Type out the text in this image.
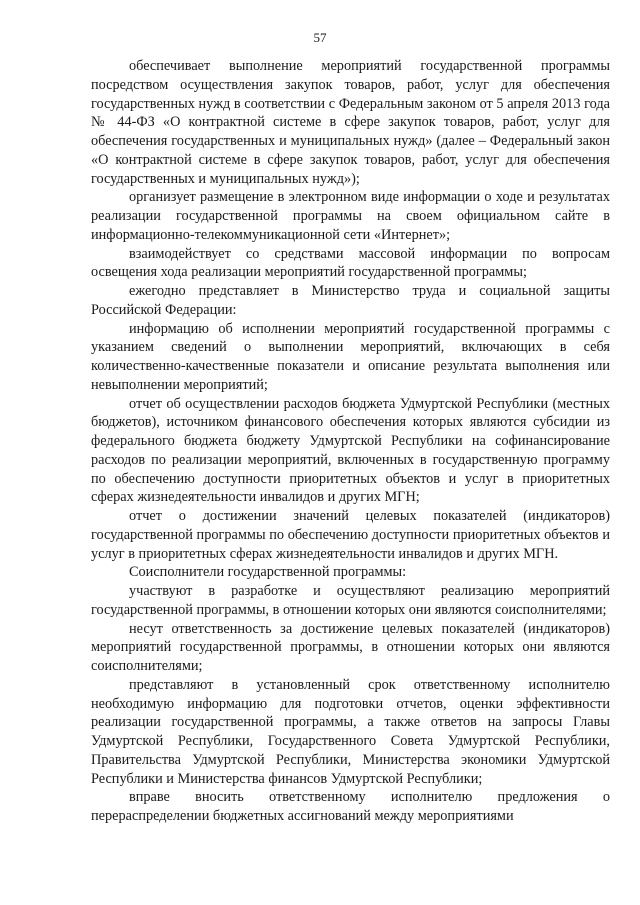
57

обеспечивает выполнение мероприятий государственной программы посредством осуществления закупок товаров, работ, услуг для обеспечения государственных нужд в соответствии с Федеральным законом от 5 апреля 2013 года № 44-ФЗ «О контрактной системе в сфере закупок товаров, работ, услуг для обеспечения государственных и муниципальных нужд» (далее – Федеральный закон «О контрактной системе в сфере закупок товаров, работ, услуг для обеспечения государственных и муниципальных нужд»);

организует размещение в электронном виде информации о ходе и результатах реализации государственной программы на своем официальном сайте в информационно-телекоммуникационной сети «Интернет»;

взаимодействует со средствами массовой информации по вопросам освещения хода реализации мероприятий государственной программы;

ежегодно представляет в Министерство труда и социальной защиты Российской Федерации:

информацию об исполнении мероприятий государственной программы с указанием сведений о выполнении мероприятий, включающих в себя количественно-качественные показатели и описание результата выполнения или невыполнении мероприятий;

отчет об осуществлении расходов бюджета Удмуртской Республики (местных бюджетов), источником финансового обеспечения которых являются субсидии из федерального бюджета бюджету Удмуртской Республики на софинансирование расходов по реализации мероприятий, включенных в государственную программу по обеспечению доступности приоритетных объектов и услуг в приоритетных сферах жизнедеятельности инвалидов и других МГН;

отчет о достижении значений целевых показателей (индикаторов) государственной программы по обеспечению доступности приоритетных объектов и услуг в приоритетных сферах жизнедеятельности инвалидов и других МГН.

Соисполнители государственной программы:

участвуют в разработке и осуществляют реализацию мероприятий государственной программы, в отношении которых они являются соисполнителями;

несут ответственность за достижение целевых показателей (индикаторов) мероприятий государственной программы, в отношении которых они являются соисполнителями;

представляют в установленный срок ответственному исполнителю необходимую информацию для подготовки отчетов, оценки эффективности реализации государственной программы, а также ответов на запросы Главы Удмуртской Республики, Государственного Совета Удмуртской Республики, Правительства Удмуртской Республики, Министерства экономики Удмуртской Республики и Министерства финансов Удмуртской Республики;

вправе вносить ответственному исполнителю предложения о перераспределении бюджетных ассигнований между мероприятиями
